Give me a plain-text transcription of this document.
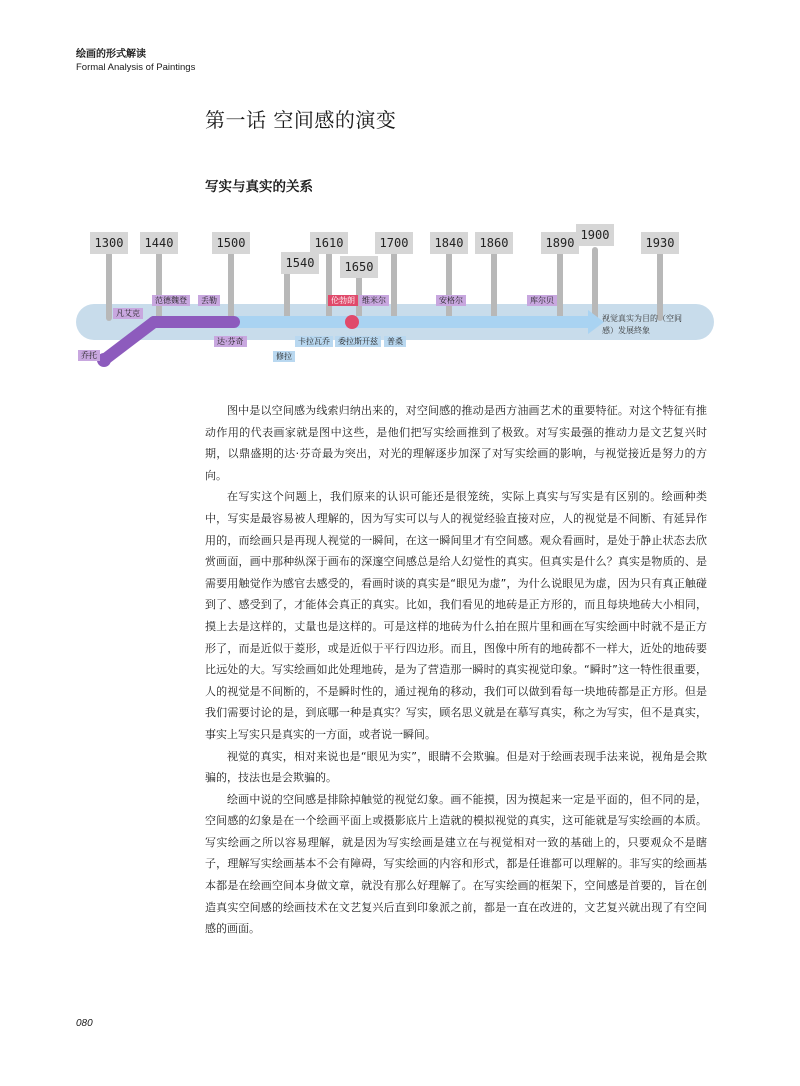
绘画的形式解读
Formal Analysis of Paintings
第一话 空间感的演变
写实与真实的关系
1300	1440	1500
1540
1610
1650
1700	1840	1860	1890
1900
1930
乔托
凡艾克
范德魏登	丢勒
达·芬奇	卡拉瓦乔
伦勃朗
委拉斯开兹
维米尔
普桑
安格尔	库尔贝
修拉
视觉真实为目的（空间感）发展終象

图中是以空间感为线索归纳出来的，对空间感的推动是西方油画艺术的重要特征。对这个特征有推动作用的代表画家就是图中这些，是他们把写实绘画推到了极致。对写实最强的推动力是文艺复兴时期，以鼎盛期的达·芬奇最为突出，对光的理解逐步加深了对写实绘画的影响，与视觉接近是努力的方向。

在写实这个问题上，我们原来的认识可能还是很笼统，实际上真实与写实是有区别的。绘画种类中，写实是最容易被人理解的，因为写实可以与人的视觉经验直接对应，人的视觉是不间断、有延异作用的，而绘画只是再现人视觉的一瞬间，在这一瞬间里才有空间感。观众看画时，是处于静止状态去欣赏画面，画中那种纵深于画布的深邃空间感总是给人幻觉性的真实。但真实是什么？真实是物质的、是需要用触觉作为感官去感受的，看画时谈的真实是“眼见为虚”，为什么说眼见为虚，因为只有真正触碰到了、感受到了，才能体会真正的真实。比如，我们看见的地砖是正方形的，而且每块地砖大小相同，摸上去是这样的，丈量也是这样的。可是这样的地砖为什么拍在照片里和画在写实绘画中时就不是正方形了，而是近似于菱形，或是近似于平行四边形。而且，图像中所有的地砖都不一样大，近处的地砖要比远处的大。写实绘画如此处理地砖，是为了营造那一瞬时的真实视觉印象。“瞬时”这一特性很重要，人的视觉是不间断的，不是瞬时性的，通过视角的移动，我们可以做到看每一块地砖都是正方形。但是我们需要讨论的是，到底哪一种是真实？写实，顾名思义就是在摹写真实，称之为写实，但不是真实，事实上写实只是真实的一方面，或者说一瞬间。

视觉的真实，相对来说也是“眼见为实”，眼睛不会欺骗。但是对于绘画表现手法来说，视角是会欺骗的，技法也是会欺骗的。

绘画中说的空间感是排除掉触觉的视觉幻象。画不能摸，因为摸起来一定是平面的，但不同的是，空间感的幻象是在一个绘画平面上或摄影底片上造就的模拟视觉的真实，这可能就是写实绘画的本质。写实绘画之所以容易理解，就是因为写实绘画是建立在与视觉相对一致的基础上的，只要观众不是瞎子，理解写实绘画基本不会有障碍，写实绘画的内容和形式，都是任谁都可以理解的。非写实的绘画基本都是在绘画空间本身做文章，就没有那么好理解了。在写实绘画的框架下，空间感是首要的，旨在创造真实空间感的绘画技术在文艺复兴后直到印象派之前，都是一直在改进的，文艺复兴就出现了有空间感的画面。

080
